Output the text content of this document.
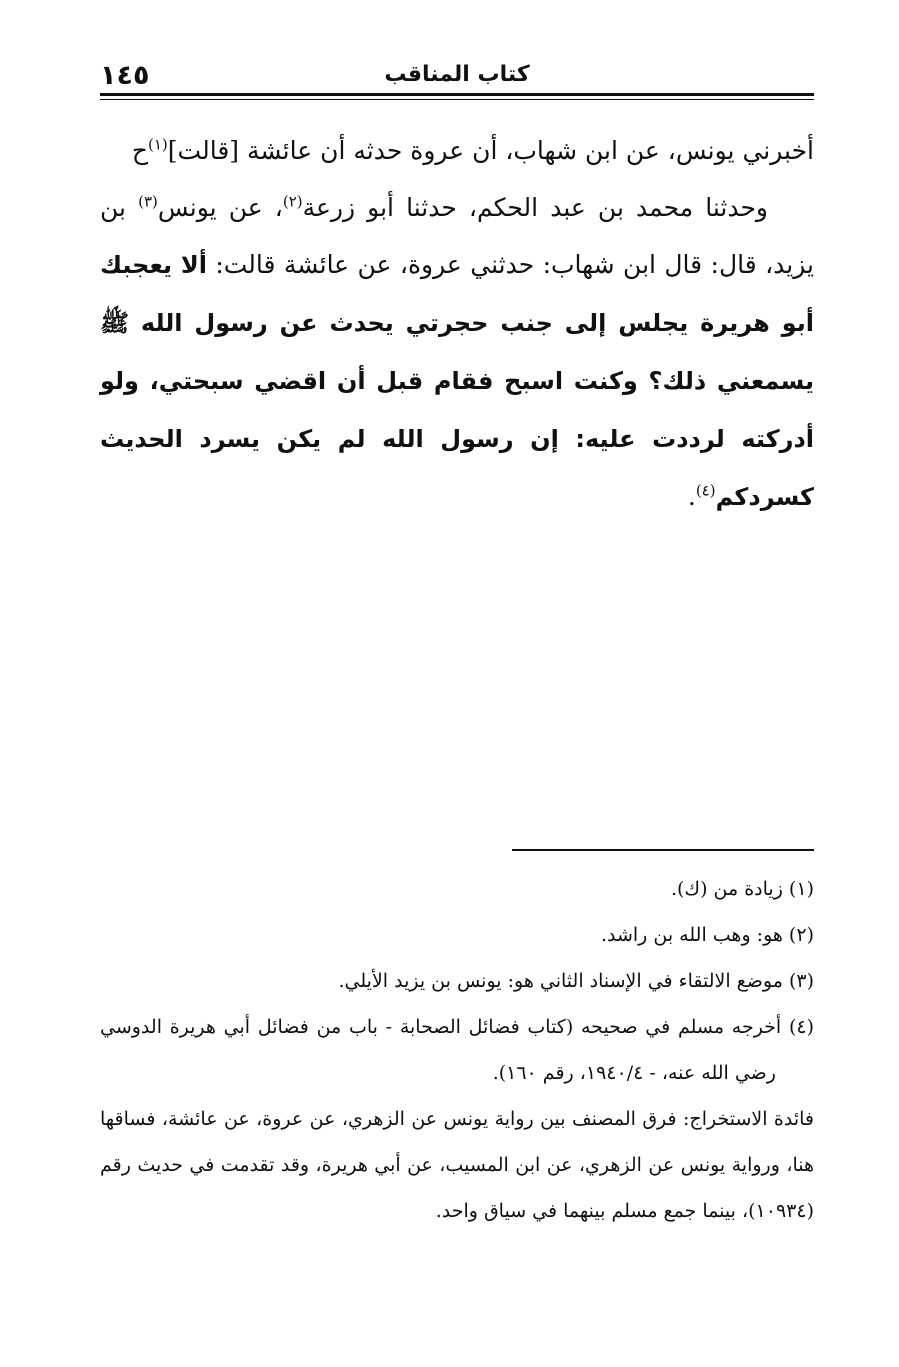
١٤٥	كتاب المناقب

أخبرني يونس، عن ابن شهاب، أن عروة حدثه أن عائشة [قالت]$^{(١)}$ح

وحدثنا محمد بن عبد الحكم، حدثنا أبو زرعة$^{(٢)}$، عن يونس$^{(٣)}$ بن يزيد، قال: قال ابن شهاب: حدثني عروة، عن عائشة قالت: ألا يعجبك أبو هريرة يجلس إلى جنب حجرتي يحدث عن رسول الله ﷺ يسمعني ذلك؟ وكنت اسبح فقام قبل أن اقضي سبحتي، ولو أدركته لرددت عليه: إن رسول الله لم يكن يسرد الحديث كسردكم$^{(٤)}$.

(١) زيادة من (ك).

(٢) هو: وهب الله بن راشد.

(٣) موضع الالتقاء في الإسناد الثاني هو: يونس بن يزيد الأيلي.

(٤) أخرجه مسلم في صحيحه (كتاب فضائل الصحابة - باب من فضائل أبي هريرة الدوسي رضي الله عنه، - ١٩٤٠/٤، رقم ١٦٠).

فائدة الاستخراج: فرق المصنف بين رواية يونس عن الزهري، عن عروة، عن عائشة، فساقها هنا، ورواية يونس عن الزهري، عن ابن المسيب، عن أبي هريرة، وقد تقدمت في حديث رقم (١٠٩٣٤)، بينما جمع مسلم بينهما في سياق واحد.
